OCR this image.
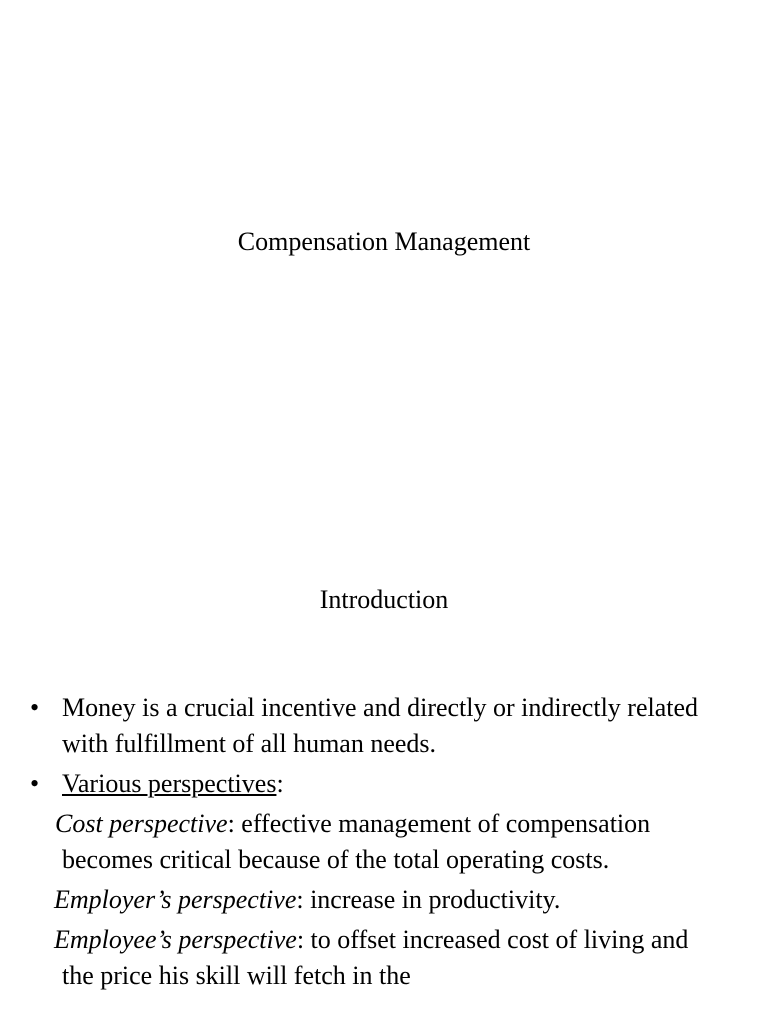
Compensation Management
Introduction
• Money is a crucial incentive and directly or indirectly related with fulfillment of all human needs.
• Various perspectives:
Cost perspective: effective management of compensation becomes critical because of the total operating costs.
Employer’s perspective: increase in productivity.
Employee’s perspective: to offset increased cost of living and the price his skill will fetch in the
